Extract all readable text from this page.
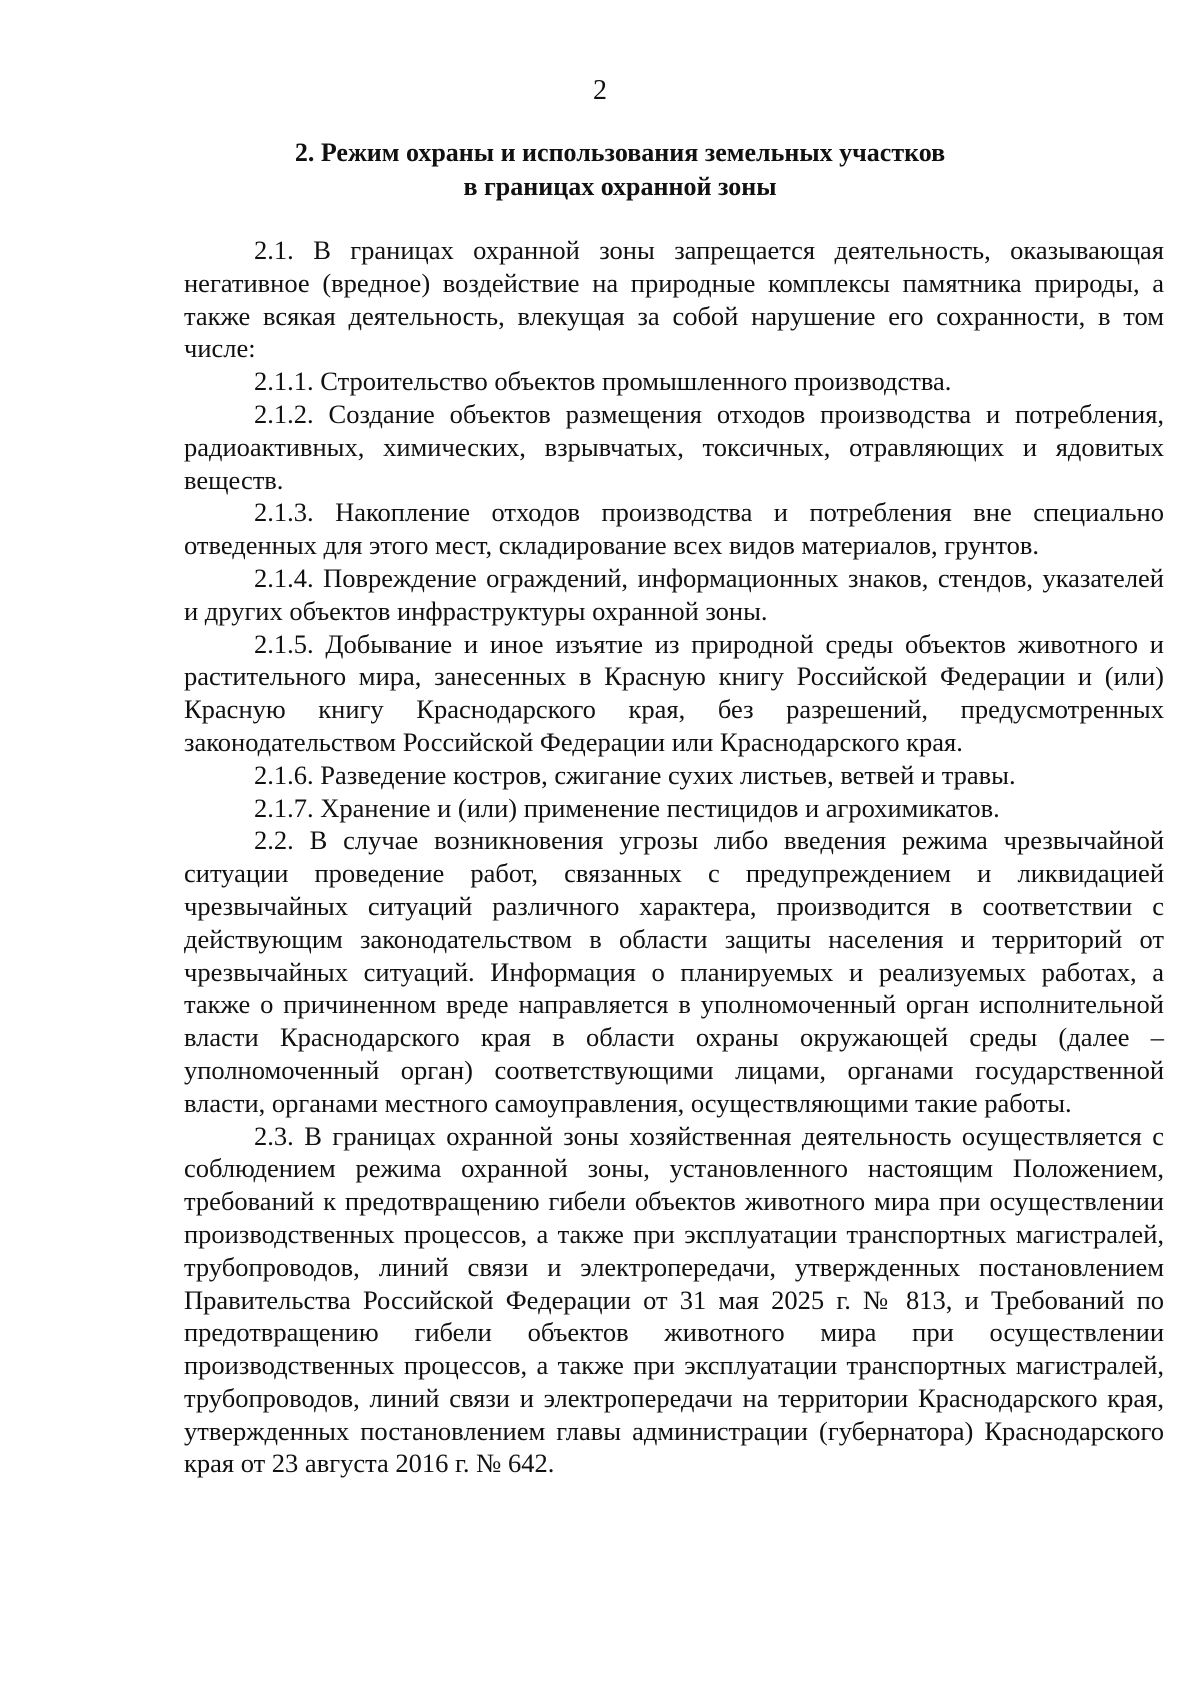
2
2. Режим охраны и использования земельных участков
в границах охранной зоны

2.1. В границах охранной зоны запрещается деятельность, оказывающая негативное (вредное) воздействие на природные комплексы памятника природы, а также всякая деятельность, влекущая за собой нарушение его сохранности, в том числе:

2.1.1. Строительство объектов промышленного производства.

2.1.2. Создание объектов размещения отходов производства и потребления, радиоактивных, химических, взрывчатых, токсичных, отравляющих и ядовитых веществ.

2.1.3. Накопление отходов производства и потребления вне специально отведенных для этого мест, складирование всех видов материалов, грунтов.

2.1.4. Повреждение ограждений, информационных знаков, стендов, указателей и других объектов инфраструктуры охранной зоны.

2.1.5. Добывание и иное изъятие из природной среды объектов животного и растительного мира, занесенных в Красную книгу Российской Федерации и (или) Красную книгу Краснодарского края, без разрешений, предусмотренных законодательством Российской Федерации или Краснодарского края.

2.1.6. Разведение костров, сжигание сухих листьев, ветвей и травы.

2.1.7. Хранение и (или) применение пестицидов и агрохимикатов.

2.2. В случае возникновения угрозы либо введения режима чрезвычайной ситуации проведение работ, связанных с предупреждением и ликвидацией чрезвычайных ситуаций различного характера, производится в соответствии с действующим законодательством в области защиты населения и территорий от чрезвычайных ситуаций. Информация о планируемых и реализуемых работах, а также о причиненном вреде направляется в уполномоченный орган исполнительной власти Краснодарского края в области охраны окружающей среды (далее – уполномоченный орган) соответствующими лицами, органами государственной власти, органами местного самоуправления, осуществляющими такие работы.

2.3. В границах охранной зоны хозяйственная деятельность осуществляется с соблюдением режима охранной зоны, установленного настоящим Положением, требований к предотвращению гибели объектов животного мира при осуществлении производственных процессов, а также при эксплуатации транспортных магистралей, трубопроводов, линий связи и электропередачи, утвержденных постановлением Правительства Российской Федерации от 31 мая 2025 г. № 813, и Требований по предотвращению гибели объектов животного мира при осуществлении производственных процессов, а также при эксплуатации транспортных магистралей, трубопроводов, линий связи и электропередачи на территории Краснодарского края, утвержденных постановлением главы администрации (губернатора) Краснодарского края от 23 августа 2016 г. № 642.
